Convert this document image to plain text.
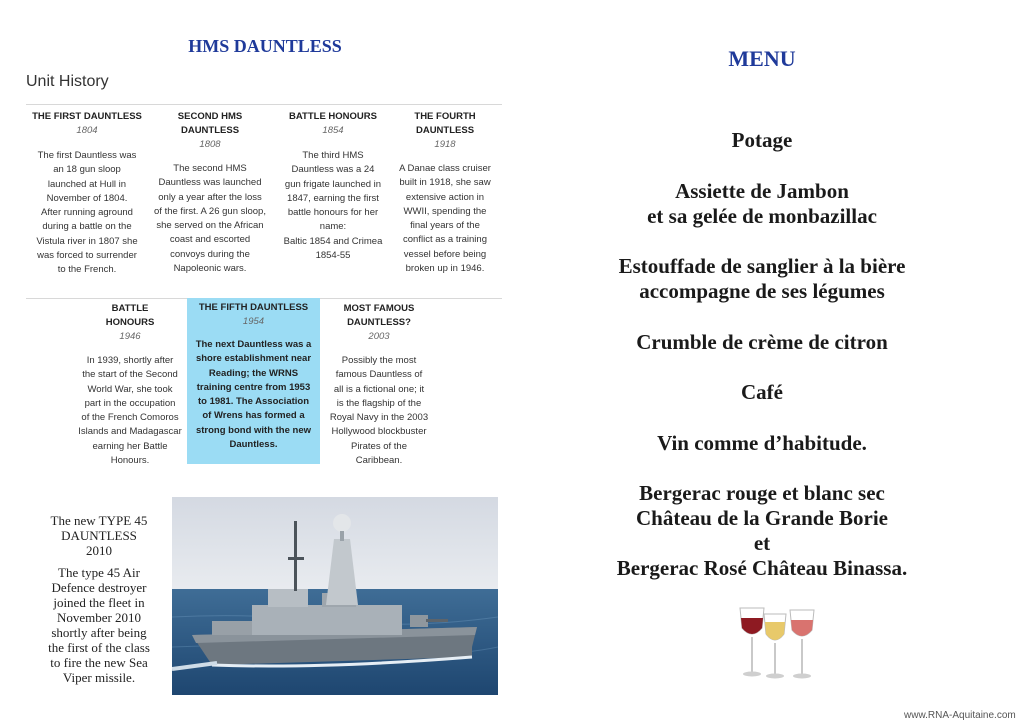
HMS DAUNTLESS
Unit History
THE FIRST DAUNTLESS
1804
The first Dauntless was
an 18 gun sloop
launched at Hull in
November of 1804.
After running aground
during a battle on the
Vistula river in 1807 she
was forced to surrender
to the French.
SECOND HMS DAUNTLESS
1808
The second HMS
Dauntless was launched
only a year after the loss
of the first. A 26 gun sloop,
she served on the African
coast and escorted
convoys during the
Napoleonic wars.
BATTLE HONOURS
1854
The third HMS
Dauntless was a 24
gun frigate launched in
1847, earning the first
battle honours for her
name:
Baltic 1854 and Crimea
1854-55
THE FOURTH DAUNTLESS
1918
A Danae class cruiser
built in 1918, she saw
extensive action in
WWII, spending the
final years of the
conflict as a training
vessel before being
broken up in 1946.
BATTLE HONOURS
1946
In 1939, shortly after
the start of the Second
World War, she took
part in the occupation
of the French Comoros
Islands and Madagascar
earning her Battle
Honours.
THE FIFTH DAUNTLESS
1954
The next Dauntless was a
shore establishment near
Reading; the WRNS
training centre from 1953
to 1981. The Association
of Wrens has formed a
strong bond with the new
Dauntless.
MOST FAMOUS DAUNTLESS?
2003
Possibly the most
famous Dauntless of
all is a fictional one; it
is the flagship of the
Royal Navy in the 2003
Hollywood blockbuster
Pirates of the
Caribbean.
The new TYPE 45
DAUNTLESS
2010
The type 45 Air
Defence destroyer
joined the fleet in
November 2010
shortly after being
the first of the class
to fire the new Sea
Viper missile.
MENU
Potage
Assiette de Jambon
et sa gelée de monbazillac
Estouffade de sanglier à la bière
accompagne de ses légumes
Crumble de crème de citron
Café
Vin comme d’habitude.
Bergerac rouge et blanc sec
Château de la Grande Borie
et
Bergerac Rosé Château Binassa.
www.RNA-Aquitaine.com
